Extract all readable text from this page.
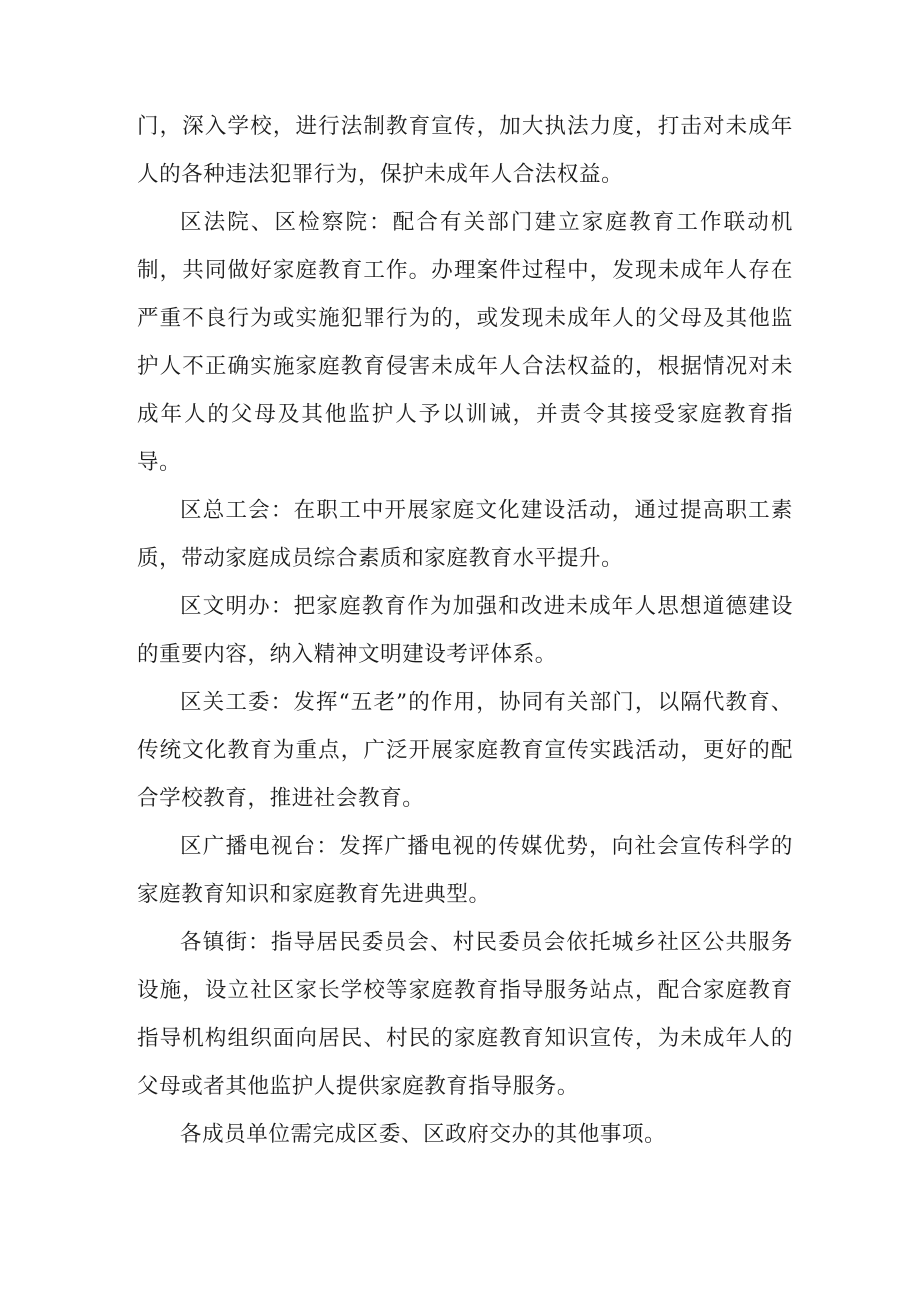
门，深入学校，进行法制教育宣传，加大执法力度，打击对未成年人的各种违法犯罪行为，保护未成年人合法权益。

区法院、区检察院：配合有关部门建立家庭教育工作联动机制，共同做好家庭教育工作。办理案件过程中，发现未成年人存在严重不良行为或实施犯罪行为的，或发现未成年人的父母及其他监护人不正确实施家庭教育侵害未成年人合法权益的，根据情况对未成年人的父母及其他监护人予以训诫，并责令其接受家庭教育指导。

区总工会：在职工中开展家庭文化建设活动，通过提高职工素质，带动家庭成员综合素质和家庭教育水平提升。

区文明办：把家庭教育作为加强和改进未成年人思想道德建设的重要内容，纳入精神文明建设考评体系。

区关工委：发挥“五老”的作用，协同有关部门，以隔代教育、传统文化教育为重点，广泛开展家庭教育宣传实践活动，更好的配合学校教育，推进社会教育。

区广播电视台：发挥广播电视的传媒优势，向社会宣传科学的家庭教育知识和家庭教育先进典型。

各镇街：指导居民委员会、村民委员会依托城乡社区公共服务设施，设立社区家长学校等家庭教育指导服务站点，配合家庭教育指导机构组织面向居民、村民的家庭教育知识宣传，为未成年人的父母或者其他监护人提供家庭教育指导服务。

各成员单位需完成区委、区政府交办的其他事项。
